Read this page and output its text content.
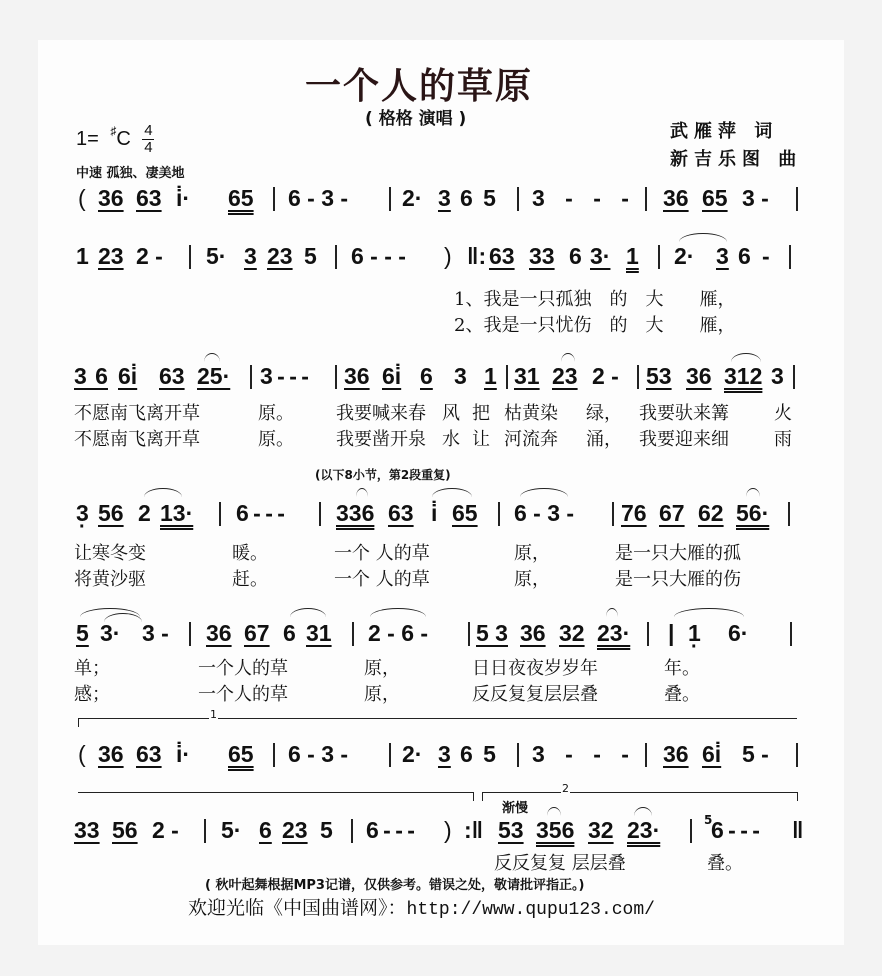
一个人的草原
( 格格 演唱 )
武雁萍 词
新吉乐图 曲
$1= ^♯C \frac{4}{4}$
中速 孤独、凄美地
( 36 63 i̇· 65 6 - 3 - 2· 3 6 5 3 - - - 36 65 3 -
1 23 2 - 5· 3 23 5 6 - - - ) ‖: 63 33 6 3· 1 2· 3 6 -
1、我是一只孤独　的　大　　雁，
2、我是一只忧伤　的　大　　雁，
3 6 6i̇ 63 25· 3 - - - 36 6i̇ 6 3 1 31 23 2 - 53 36 312 3
不愿南飞离开草	原。 我要喊来春 风 把 枯黄染 绿， 我要驮来篝	火
不愿南飞离开草	原。 我要凿开泉 水 让 河流奔 涌， 我要迎来细	雨
(以下8小节，第2段重复)
3 · 56 2 13· 6 - - - 336 63 i̇ 65 6 - 3 - 76 67 62 56·
让寒冬变	暖。	一个 人的草	原，	是一只大雁的孤
将黄沙驱	赶。	一个 人的草	原，	是一只大雁的伤
5 3· 3 - 36 67 6 31 2 - 6 - 5 3 36 32 23· | 1 · 6·
单；	一个人的草	原，	日日夜夜岁岁年	年。
感；	一个人的草	原，	反反复复层层叠	叠。
1
( 36 63 i̇· 65 6 - 3 - 2· 3 6 5 3 - - - 36 6i̇ 5 -
2
渐慢
33 56 2 - 5· 6 23 5 6 - - - ) :‖ 53 356 32 23·	5
6 - - - ‖
反反复复 层层叠	叠。
( 秋叶起舞根据MP3记谱，仅供参考。错误之处，敬请批评指正。)
欢迎光临《中国曲谱网》：http://www.qupu123.com/
